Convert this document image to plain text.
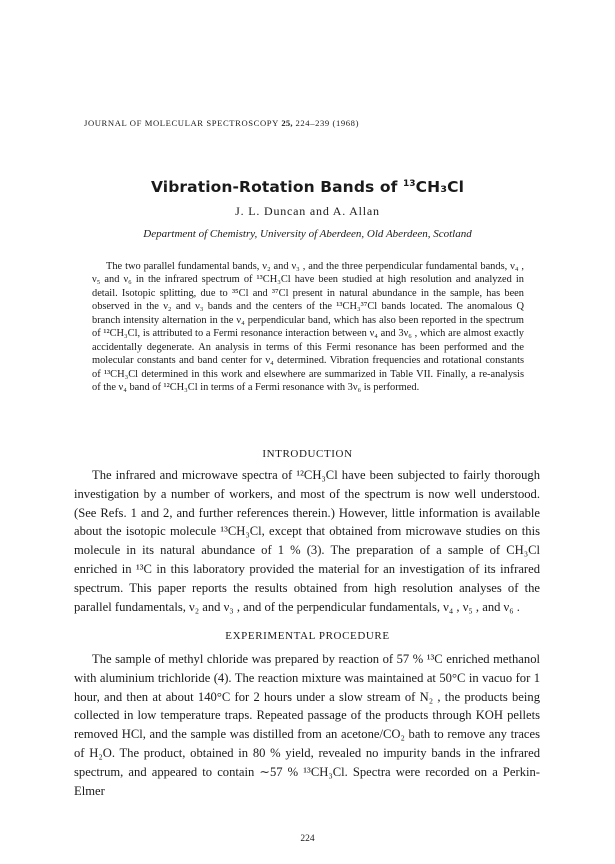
JOURNAL OF MOLECULAR SPECTROSCOPY 25, 224–239 (1968)
Vibration-Rotation Bands of $^{13}$CH₃Cl
J. L. Duncan and A. Allan
Department of Chemistry, University of Aberdeen, Old Aberdeen, Scotland

The two parallel fundamental bands, ν₂ and ν₃ , and the three perpendicular fundamental bands, ν₄ , ν₅ and ν₆ in the infrared spectrum of ¹³CH₃Cl have been studied at high resolution and analyzed in detail. Isotopic splitting, due to ³⁵Cl and ³⁷Cl present in natural abundance in the sample, has been observed in the ν₂ and ν₃ bands and the centers of the ¹³CH₃³⁷Cl bands located. The anomalous Q branch intensity alternation in the ν₄ perpendicular band, which has also been reported in the spectrum of ¹²CH₃Cl, is attributed to a Fermi resonance interaction between ν₄ and 3ν₆ , which are almost exactly accidentally degenerate. An analysis in terms of this Fermi resonance has been performed and the molecular constants and band center for ν₄ determined. Vibration frequencies and rotational constants of ¹³CH₃Cl determined in this work and elsewhere are summarized in Table VII. Finally, a re-analysis of the ν₄ band of ¹²CH₃Cl in terms of a Fermi resonance with 3ν₆ is performed.

INTRODUCTION

The infrared and microwave spectra of ¹²CH₃Cl have been subjected to fairly thorough investigation by a number of workers, and most of the spectrum is now well understood. (See Refs. 1 and 2, and further references therein.) However, little information is available about the isotopic molecule ¹³CH₃Cl, except that obtained from microwave studies on this molecule in its natural abundance of 1 % (3). The preparation of a sample of CH₃Cl enriched in ¹³C in this laboratory provided the material for an investigation of its infrared spectrum. This paper reports the results obtained from high resolution analyses of the parallel fundamentals, ν₂ and ν₃ , and of the perpendicular fundamentals, ν₄ , ν₅ , and ν₆ .

EXPERIMENTAL PROCEDURE

The sample of methyl chloride was prepared by reaction of 57 % ¹³C enriched methanol with aluminium trichloride (4). The reaction mixture was maintained at 50°C in vacuo for 1 hour, and then at about 140°C for 2 hours under a slow stream of N₂ , the products being collected in low temperature traps. Repeated passage of the products through KOH pellets removed HCl, and the sample was distilled from an acetone/CO₂ bath to remove any traces of H₂O. The product, obtained in 80 % yield, revealed no impurity bands in the infrared spectrum, and appeared to contain ∼57 % ¹³CH₃Cl. Spectra were recorded on a Perkin-Elmer

224
